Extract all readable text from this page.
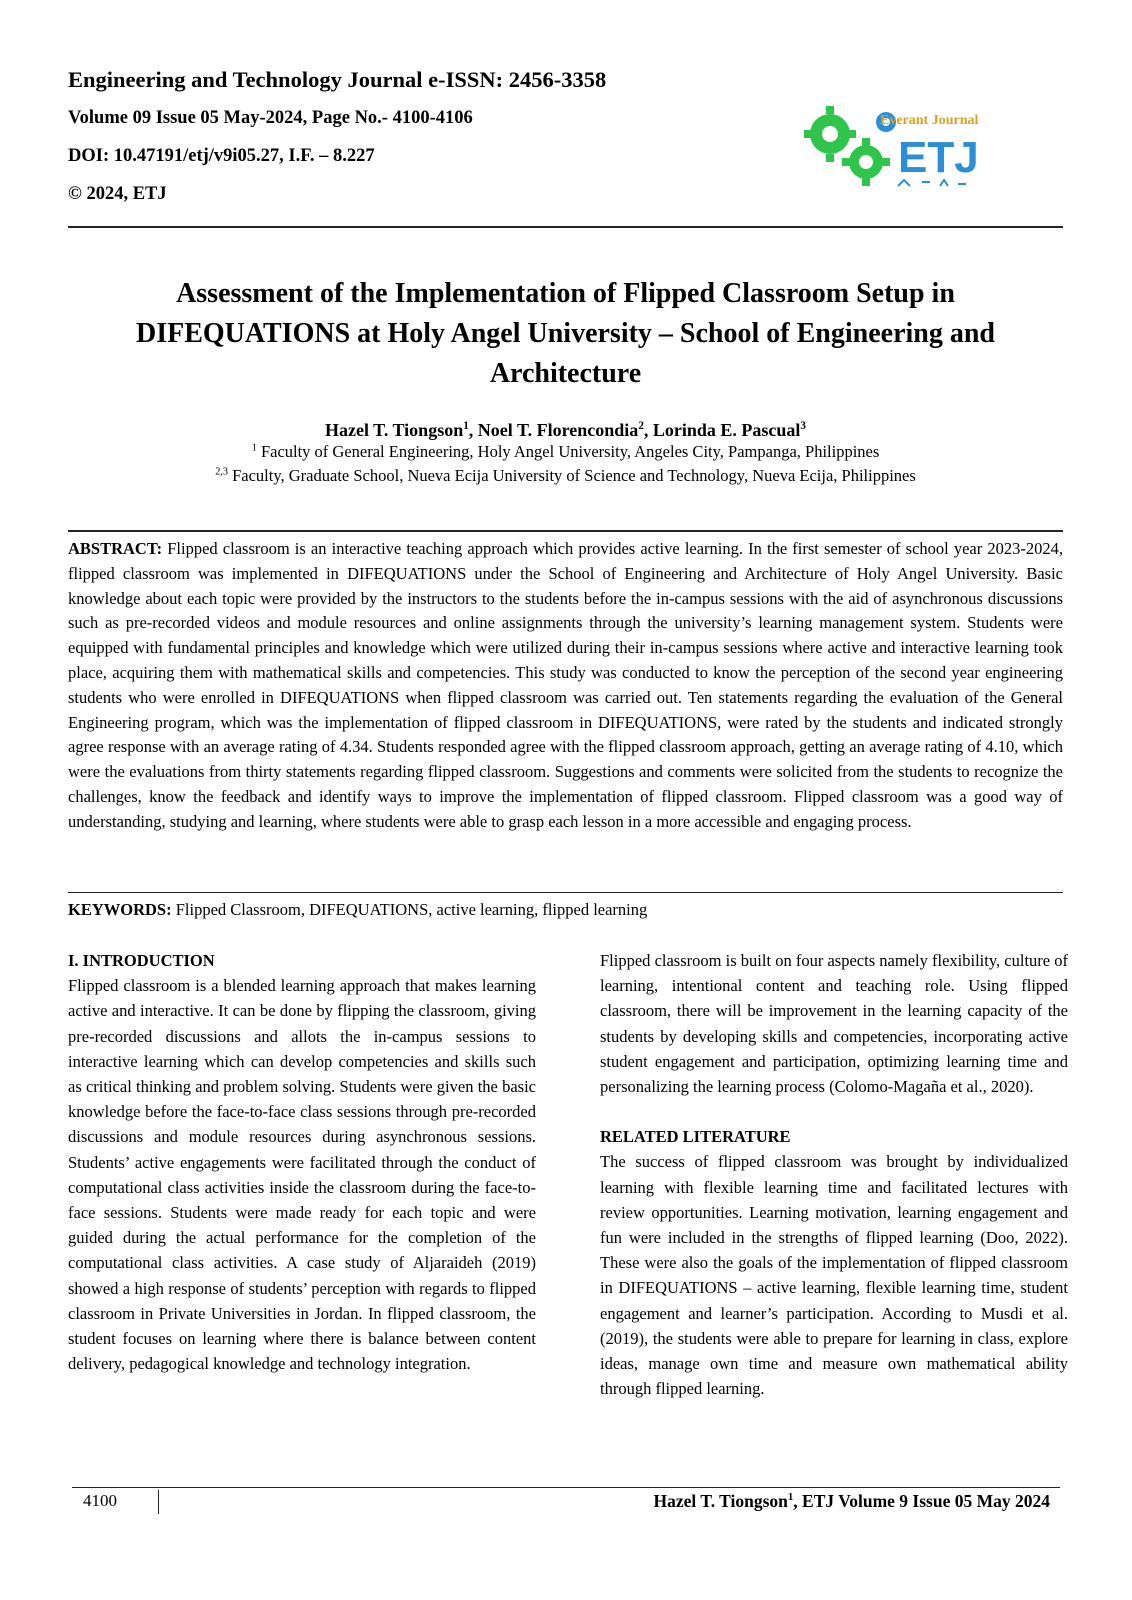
Engineering and Technology Journal e-ISSN: 2456-3358
Volume 09 Issue 05 May-2024, Page No.- 4100-4106
DOI: 10.47191/etj/v9i05.27, I.F. – 8.227
© 2024, ETJ
Everant Journal
ETJ
Assessment of the Implementation of Flipped Classroom Setup in DIFEQUATIONS at Holy Angel University – School of Engineering and Architecture
Hazel T. Tiongson$^1$, Noel T. Florencondia$^2$, Lorinda E. Pascual$^3$
$^1$ Faculty of General Engineering, Holy Angel University, Angeles City, Pampanga, Philippines
$^{2,3}$ Faculty, Graduate School, Nueva Ecija University of Science and Technology, Nueva Ecija, Philippines
ABSTRACT: Flipped classroom is an interactive teaching approach which provides active learning. In the first semester of school year 2023-2024, flipped classroom was implemented in DIFEQUATIONS under the School of Engineering and Architecture of Holy Angel University. Basic knowledge about each topic were provided by the instructors to the students before the in-campus sessions with the aid of asynchronous discussions such as pre-recorded videos and module resources and online assignments through the university’s learning management system. Students were equipped with fundamental principles and knowledge which were utilized during their in-campus sessions where active and interactive learning took place, acquiring them with mathematical skills and competencies. This study was conducted to know the perception of the second year engineering students who were enrolled in DIFEQUATIONS when flipped classroom was carried out. Ten statements regarding the evaluation of the General Engineering program, which was the implementation of flipped classroom in DIFEQUATIONS, were rated by the students and indicated strongly agree response with an average rating of 4.34. Students responded agree with the flipped classroom approach, getting an average rating of 4.10, which were the evaluations from thirty statements regarding flipped classroom. Suggestions and comments were solicited from the students to recognize the challenges, know the feedback and identify ways to improve the implementation of flipped classroom. Flipped classroom was a good way of understanding, studying and learning, where students were able to grasp each lesson in a more accessible and engaging process.
KEYWORDS: Flipped Classroom, DIFEQUATIONS, active learning, flipped learning
I. INTRODUCTION

Flipped classroom is a blended learning approach that makes learning active and interactive. It can be done by flipping the classroom, giving pre-recorded discussions and allots the in-campus sessions to interactive learning which can develop competencies and skills such as critical thinking and problem solving. Students were given the basic knowledge before the face-to-face class sessions through pre-recorded discussions and module resources during asynchronous sessions. Students’ active engagements were facilitated through the conduct of computational class activities inside the classroom during the face-to-face sessions. Students were made ready for each topic and were guided during the actual performance for the completion of the computational class activities. A case study of Aljaraideh (2019) showed a high response of students’ perception with regards to flipped classroom in Private Universities in Jordan. In flipped classroom, the student focuses on learning where there is balance between content delivery, pedagogical knowledge and technology integration.

Flipped classroom is built on four aspects namely flexibility, culture of learning, intentional content and teaching role. Using flipped classroom, there will be improvement in the learning capacity of the students by developing skills and competencies, incorporating active student engagement and participation, optimizing learning time and personalizing the learning process (Colomo-Magaña et al., 2020).

RELATED LITERATURE

The success of flipped classroom was brought by individualized learning with flexible learning time and facilitated lectures with review opportunities. Learning motivation, learning engagement and fun were included in the strengths of flipped learning (Doo, 2022). These were also the goals of the implementation of flipped classroom in DIFEQUATIONS – active learning, flexible learning time, student engagement and learner’s participation. According to Musdi et al. (2019), the students were able to prepare for learning in class, explore ideas, manage own time and measure own mathematical ability through flipped learning.

4100	Hazel T. Tiongson$^1$, ETJ Volume 9 Issue 05 May 2024
